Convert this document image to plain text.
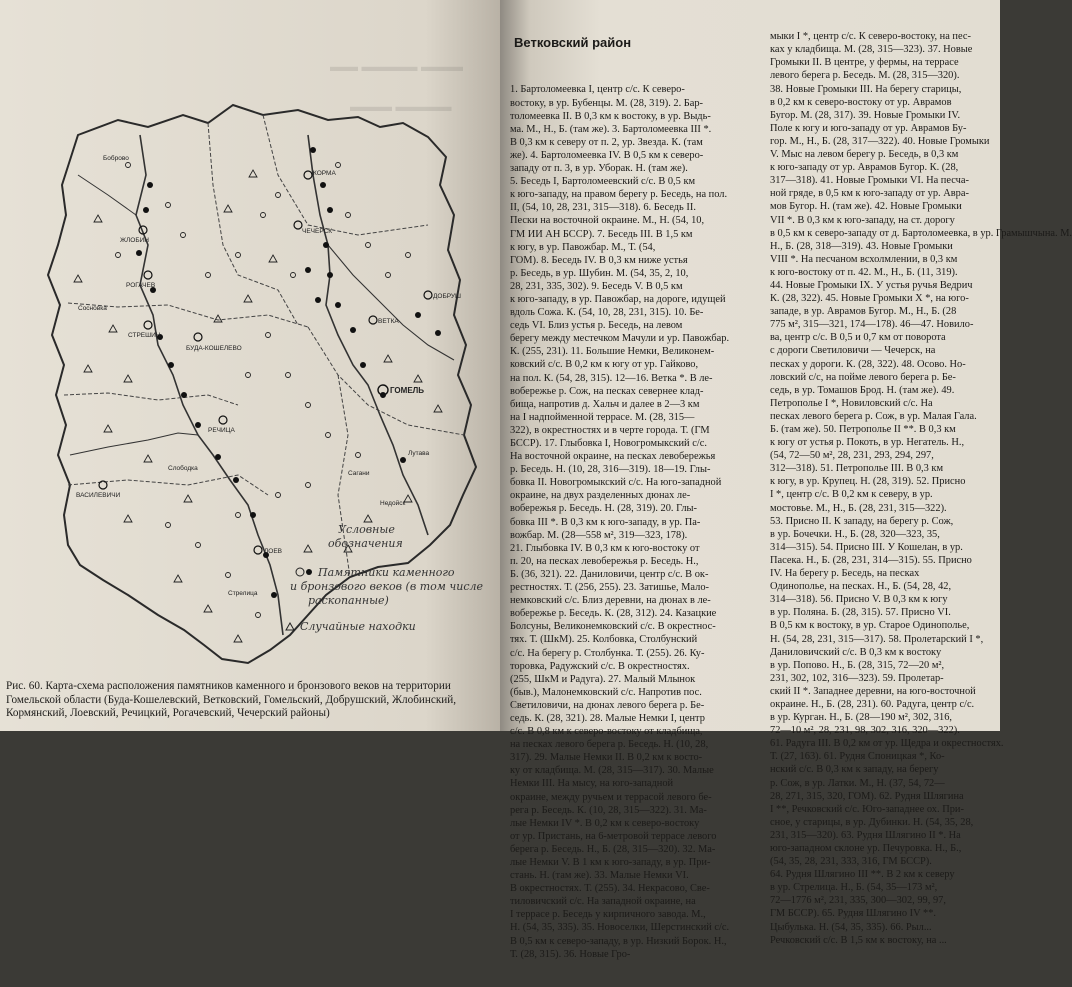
▬▬▬ ▬▬▬▬ ▬▬
▬▬▬▬ ▬▬▬
ЖЛОБИН
РОГАЧЕВ
СТРЕШИН
КОРМА
ЧЕЧЕРСК
БУДА-КОШЕЛЕВО
РЕЧИЦА
ВАСИЛЕВИЧИ
ЛОЕВ
ДОБРУШ
ВЕТКА
ГОМЕЛЬ
Боброво
Сосновка
Сагани
Недойск
Слободка
Стрелица
Лутава
Условные
обозначения
Памятники каменного
и бронзового веков (в том числе
раскопанные)
Случайные находки
Рис. 60. Карта-схема расположения памятников каменного и бронзового веков на территории Гомельской области (Буда-Кошелевский, Ветковский, Гомельский, Добрушский, Жлобинский, Кормянский, Лоевский, Речицкий, Рогачевский, Чечерский районы)

Ветковский район

1. Бартоломеевка I, центр с/с. К северо-
востоку, в ур. Бубенцы. М. (28, 319). 2. Бар-
толомеевка II. В 0,3 км к востоку, в ур. Выдь-
ма. М., Н., Б. (там же). 3. Бартоломеевка III *.
В 0,3 км к северу от п. 2, ур. Звезда. К. (там
же). 4. Бартоломеевка IV. В 0,5 км к северо-
западу от п. 3, в ур. Уборак. Н. (там же).
5. Беседь I, Бартоломеевский с/с. В 0,5 км
к юго-западу, на правом берегу р. Беседь, на пол.
II, (54, 10, 28, 231, 315—318). 6. Беседь II.
Пески на восточной окраине. М., Н. (54, 10,
ГМ ИИ АН БССР). 7. Беседь III. В 1,5 км
к югу, в ур. Павожбар. М., Т. (54,
ГОМ). 8. Беседь IV. В 0,3 км ниже устья
р. Беседь, в ур. Шубин. М. (54, 35, 2, 10,
28, 231, 335, 302). 9. Беседь V. В 0,5 км
к юго-западу, в ур. Павожбар, на дороге, идущей
вдоль Сожа. К. (54, 10, 28, 231, 315). 10. Бе-
седь VI. Близ устья р. Беседь, на левом
берегу между местечком Мачули и ур. Павожбар.
К. (255, 231). 11. Большие Немки, Великонем-
ковский с/с. В 0,2 км к югу от ур. Гайково,
на пол. К. (54, 28, 315). 12—16. Ветка *. В ле-
вобережье р. Сож, на песках севернее клад-
бища, напротив д. Хальч и далее в 2—3 км
на I надпойменной террасе. М. (28, 315—
322), в окрестностях и в черте города. Т. (ГМ
БССР). 17. Глыбовка I, Новогромыкский с/с.
На восточной окраине, на песках левобережья
р. Беседь. Н. (10, 28, 316—319). 18—19. Глы-
бовка II. Новогромыкский с/с. На юго-западной
окраине, на двух разделенных дюнах ле-
вобережья р. Беседь. Н. (28, 319). 20. Глы-
бовка III *. В 0,3 км к юго-западу, в ур. Па-
вожбар. М. (28—558 м², 319—323, 178).
21. Глыбовка IV. В 0,3 км к юго-востоку от
п. 20, на песках левобережья р. Беседь. Н.,
Б. (36, 321). 22. Даниловичи, центр с/с. В ок-
рестностях. Т. (256, 255). 23. Затишье, Мало-
немковский с/с. Близ деревни, на дюнах в ле-
вобережье р. Беседь. К. (28, 312). 24. Казацкие
Болсуны, Великонемковский с/с. В окрестнос-
тях. Т. (ШкМ). 25. Колбовка, Столбунский
с/с. На берегу р. Столбунка. Т. (255). 26. Ку-
торовка, Радужский с/с. В окрестностях.
(255, ШкМ и Радуга). 27. Малый Млынок
(быв.), Малонемковский с/с. Напротив пос.
Светиловичи, на дюнах левого берега р. Бе-
седь. К. (28, 321). 28. Малые Немки I, центр
с/с. В 0,8 км к северо-востоку от кладбища,
на песках левого берега р. Беседь. Н. (10, 28,
317). 29. Малые Немки II. В 0,2 км к восто-
ку от кладбища. М. (28, 315—317). 30. Малые
Немки III. На мысу, на юго-западной
окраине, между ручьем и террасой левого бе-
рега р. Беседь. К. (10, 28, 315—322). 31. Ма-
лые Немки IV *. В 0,2 км к северо-востоку
от ур. Пристань, на 6-метровой террасе левого
берега р. Беседь. Н., Б. (28, 315—320). 32. Ма-
лые Немки V. В 1 км к юго-западу, в ур. При-
стань. Н. (там же). 33. Малые Немки VI.
В окрестностях. Т. (255). 34. Некрасово, Све-
тиловичский с/с. На западной окраине, на
I террасе р. Беседь у кирпичного завода. М.,
Н. (54, 35, 335). 35. Новоселки, Шерстинский с/с.
В 0,5 км к северо-западу, в ур. Низкий Борок. Н.,
Т. (28, 315). 36. Новые Гро-

мыки I *, центр с/с. К северо-востоку, на пес-
ках у кладбища. М. (28, 315—323). 37. Новые
Громыки II. В центре, у фермы, на террасе
левого берега р. Беседь. М. (28, 315—320).
38. Новые Громыки III. На берегу старицы,
в 0,2 км к северо-востоку от ур. Аврамов
Бугор. М. (28, 317). 39. Новые Громыки IV.
Поле к югу и юго-западу от ур. Аврамов Бу-
гор. М., Н., Б. (28, 317—322). 40. Новые Громыки
V. Мыс на левом берегу р. Беседь, в 0,3 км
к юго-западу от ур. Аврамов Бугор. К. (28,
317—318). 41. Новые Громыки VI. На песча-
ной гряде, в 0,5 км к юго-западу от ур. Авра-
мов Бугор. Н. (там же). 42. Новые Громыки
VII *. В 0,3 км к юго-западу, на ст. дорогу
в 0,5 км к северо-западу от д. Бартоломеевка, в ур. Грамышчына. М.
Н., Б. (28, 318—319). 43. Новые Громыки
VIII *. На песчаном всхолмлении, в 0,3 км
к юго-востоку от п. 42. М., Н., Б. (11, 319).
44. Новые Громыки IX. У устья ручья Ведрич
К. (28, 322). 45. Новые Громыки X *, на юго-
западе, в ур. Аврамов Бугор. М., Н., Б. (28
775 м², 315—321, 174—178). 46—47. Новило-
ва, центр с/с. В 0,5 и 0,7 км от поворота
с дороги Светиловичи — Чечерск, на
песках у дороги. К. (28, 322). 48. Осово. Но-
ловский с/с, на пойме левого берега р. Бе-
седь, в ур. Томашов Брод. Н. (там же). 49.
Петропольe I *, Новиловский с/с. На
песках левого берега р. Сож, в ур. Малая Гала.
Б. (там же). 50. Петрополье II **. В 0,3 км
к югу от устья р. Покоть, в ур. Негатель. Н.,
(54, 72—50 м², 28, 231, 293, 294, 297,
312—318). 51. Петрополье III. В 0,3 км
к югу, в ур. Крупец. Н. (28, 319). 52. Присно
I *, центр с/с. В 0,2 км к северу, в ур.
мостовье. М., Н., Б. (28, 231, 315—322).
53. Присно II. К западу, на берегу р. Сож,
в ур. Бочечки. Н., Б. (28, 320—323, 35,
314—315). 54. Присно III. У Кошелан, в ур.
Пасека. Н., Б. (28, 231, 314—315). 55. Присно
IV. На берегу р. Беседь, на песках
Одинополье, на песках. Н., Б. (54, 28, 42,
314—318). 56. Присно V. В 0,3 км к югу
в ур. Поляна. Б. (28, 315). 57. Присно VI.
В 0,5 км к востоку, в ур. Старое Одинополье,
Н. (54, 28, 231, 315—317). 58. Пролетарский I *,
Даниловичский с/с. В 0,3 км к востоку
в ур. Попово. Н., Б. (28, 315, 72—20 м²,
231, 302, 102, 316—323). 59. Пролетар-
ский II *. Западнее деревни, на юго-восточной
окраине. Н., Б. (28, 231). 60. Радуга, центр с/с.
в ур. Курган. Н., Б. (28—190 м², 302, 316,
72—10 м², 28, 231, 98, 302, 316, 320—322).
61. Радуга III. В 0,2 км от ур. Щедра и окрестностях.
Т. (27, 163). 61. Рудня Споницкая *, Ко-
нский с/с. В 0,3 км к западу, на берегу
р. Сож, в ур. Латки. М., Н. (37, 54, 72—
28, 271, 315, 320, ГОМ). 62. Рудня Шлягина
I **, Речковский с/с. Юго-западнее ох. При-
сное, у старицы, в ур. Дубинки. Н. (54, 35, 28,
231, 315—320). 63. Рудня Шлягино II *. На
юго-западном склоне ур. Печуровка. Н., Б.,
(54, 35, 28, 231, 333, 316, ГМ БССР).
64. Рудня Шлягино III **. В 2 км к северу
в ур. Стрелица. Н., Б. (54, 35—173 м²,
72—1776 м², 231, 335, 300—302, 99, 97,
ГМ БССР). 65. Рудня Шлягино IV **.
Цыбулька. Н. (54, 35, 335). 66. Рыл...
Речковский с/с. В 1,5 км к востоку, на ...
